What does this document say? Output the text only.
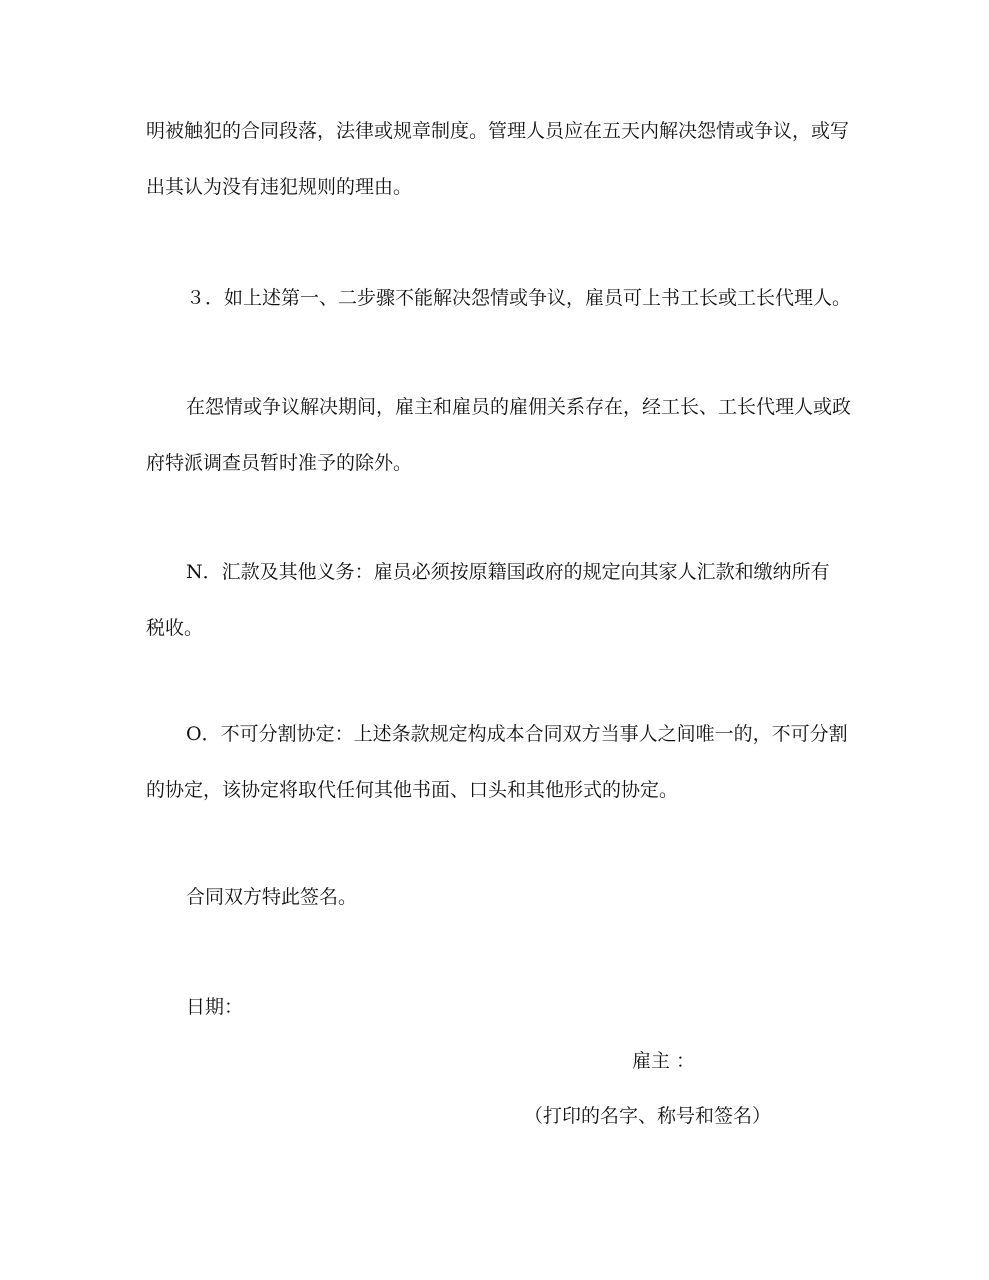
明被触犯的合同段落，法律或规章制度。管理人员应在五天内解决怨情或争议，或写

出其认为没有违犯规则的理由。

３．如上述第一、二步骤不能解决怨情或争议，雇员可上书工长或工长代理人。

在怨情或争议解决期间，雇主和雇员的雇佣关系存在，经工长、工长代理人或政

府特派调查员暂时准予的除外。

N．汇款及其他义务：雇员必须按原籍国政府的规定向其家人汇款和缴纳所有

税收。

O．不可分割协定：上述条款规定构成本合同双方当事人之间唯一的，不可分割

的协定，该协定将取代任何其他书面、口头和其他形式的协定。

合同双方特此签名。

日期：

雇主 ：

（打印的名字、称号和签名）
